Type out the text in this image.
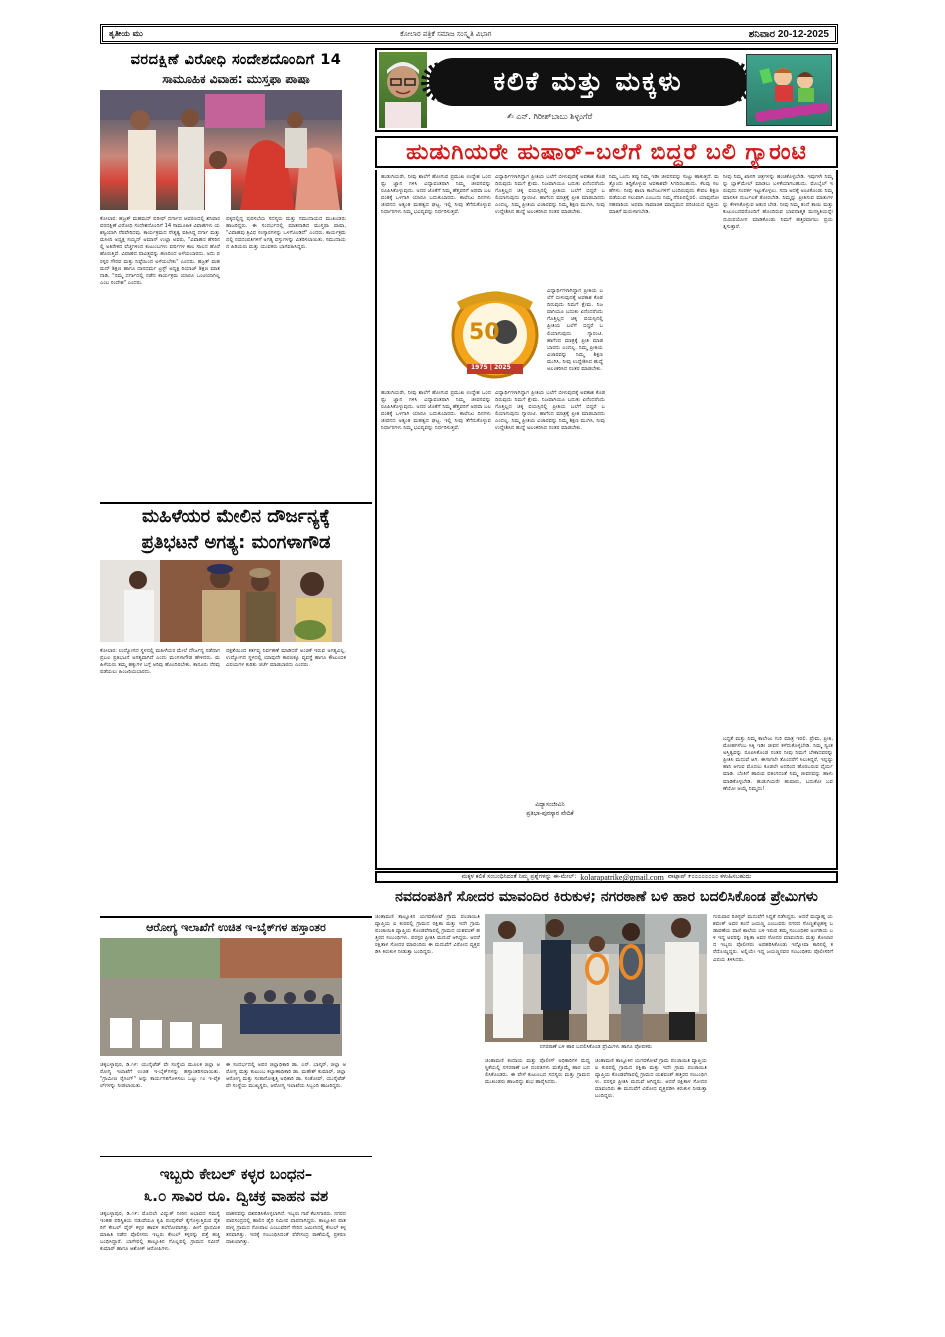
ತೃತೀಯ ಮು	ಕೋಲಾರ ಪತ್ರಿಕೆ ಸಮಾಜ ಸಂಸ್ಕೃತಿ ವಿಭಾಗ	ಶನಿವಾರ 20-12-2025
ವರದಕ್ಷಿಣೆ ವಿರೋಧಿ ಸಂದೇಶದೊಂದಿಗೆ 14
ಸಾಮೂಹಿಕ ವಿವಾಹ: ಮುಸ್ತಫಾ ಪಾಷಾ
ಕೋಲಾರ: ಹಜ್ರತ್ ಮಹಮದ್ ಷರೀಫ್ ದರ್ಗಾದ ಆವರಣದಲ್ಲಿ ಶನಿವಾರ ವರದಕ್ಷಿಣೆ ವಿರೋಧಿ ಸಂದೇಶದೊಂದಿಗೆ 14 ಸಾಮೂಹಿಕ ವಿವಾಹಗಳು ಯಶಸ್ವಿಯಾಗಿ ನೆರವೇರಿದವು. ಕಾರ್ಯಕ್ರಮದ ನೇತೃತ್ವ ವಹಿಸಿದ್ದ ದರ್ಗಾ ಮತ್ತು ಮಸೀದಿ ಅಧ್ಯಕ್ಷ ಸಯ್ಯದ್ ಅಮಾನ್ ಉಲ್ಲಾ ಅವರು, "ವಿವಾಹದ ಹೆಸರಿನಲ್ಲಿ ಅತಿರೇಕದ ವೆಚ್ಚಗಳಿಂದ ಕುಟುಂಬಗಳು ವರ್ಷಗಳ ಕಾಲ ಸಾಲದ ಹೊರೆ ಹೊರುತ್ತಿವೆ. ವಿವಾಹದ ಪಾವಿತ್ರ್ಯವನ್ನು ಹಣದಿಂದ ಅಳೆಯಬಾರದು. ಅದು ಪರಸ್ಪರ ಗೌರವ ಮತ್ತು ನಿಷ್ಠೆಯಿಂದ ಅಳೆಯಬೇಕು" ಎಂದರು. ಹಜ್ರತ್ ಮಹಮದ್ ಶಿಕ್ಷಣ ಹಾಗೂ ದಾನಧರ್ಮ ಟ್ರಸ್ಟ್ ಅಧ್ಯಕ್ಷ ರಿಯಾಜ್ ಶಿಕ್ಷಣ ಮಾತನಾಡಿ, "ನಮ್ಮ ದರ್ಗಾದಲ್ಲಿ ನಡೆದ ಕಾರ್ಯಕ್ರಮ ಯಾರೂ ಒಂಟಿಯಾಗಿಲ್ಲ ಎಂಬ ಸಂದೇಶ" ಎಂದರು.
ಪಕ್ಕದಲ್ಲಿದ್ದ ಪುರಸಭೆಯ ಸದಸ್ಯರು ಮತ್ತು ಸಮುದಾಯದ ಮುಖಂಡರು ಹಾಜರಿದ್ದರು. ಈ ಸಂದರ್ಭದಲ್ಲಿ ಮಾತನಾಡಿದ ಮುಸ್ತಫಾ ಪಾಷಾ, "ವಿವಾಹವು ತ್ರಿವಿಧ ಸಂಸ್ಕಾರಗಳನ್ನು ಒಳಗೊಂಡಿದೆ" ಎಂದರು. ಕಾರ್ಯಕ್ರಮದಲ್ಲಿ ನವದಂಪತಿಗಳಿಗೆ ಅಗತ್ಯ ವಸ್ತುಗಳನ್ನು ವಿತರಿಸಲಾಯಿತು. ಸಮುದಾಯದ ಹಿರಿಯರು ಮತ್ತು ಯುವಕರು ಭಾಗವಹಿಸಿದ್ದರು.
ಮಹಿಳೆಯರ ಮೇಲಿನ ದೌರ್ಜನ್ಯಕ್ಕೆ
ಪ್ರತಿಭಟನೆ ಅಗತ್ಯ: ಮಂಗಳಾಗೌಡ
ಕೋಲಾರ: ಉದ್ಯೋಗದ ಸ್ಥಳದಲ್ಲಿ ಮಹಿಳೆಯರ ಮೇಲೆ ದೌರ್ಜನ್ಯ ನಡೆದಾಗ ಪ್ರಬಲ ಪ್ರತಿಭಟನೆ ಅಗತ್ಯವಾಗಿದೆ ಎಂದು ಮಂಗಳಾಗೌಡ ಹೇಳಿದರು. ಮಹಿಳೆಯರು ತಮ್ಮ ಹಕ್ಕುಗಳ ಬಗ್ಗೆ ಅರಿವು ಹೊಂದಿರಬೇಕು. ಕಾನೂನು ನೆರವು ಪಡೆಯಲು ಹಿಂಜರಿಯಬಾರದು.
ದಕ್ಷತೆಯಿಂದ ಕರ್ತವ್ಯ ನಿರ್ವಹಣೆ ಮಾಡಿದರೆ ಅಂಜಿಕೆ ಇರುವ ಅಗತ್ಯವಿಲ್ಲ. ಉದ್ಯೋಗದ ಸ್ಥಳದಲ್ಲಿ ಯಾವುದೇ ಕಾರಣಕ್ಕೂ ವ್ಯವಸ್ಥೆ ಹಾಗೂ ಕೌಟುಂಬಿಕ ವಿಷಯಗಳ ಕುರಿತು ಚರ್ಚೆ ಮಾಡಬಾರದು ಎಂದರು.
ಆರೋಗ್ಯ ಇಲಾಖೆಗೆ ಉಚಿತ ಇ-ಬೈಕ್‌ಗಳ ಹಸ್ತಾಂತರ
ಚಿಕ್ಕಬಳ್ಳಾಪುರ, ಡಿ.೧೯: ಯುನೈಟೆಡ್ ವೇ ಸಂಸ್ಥೆಯ ಮೂಲಕ ಜಿಲ್ಲಾ ಆರೋಗ್ಯ ಇಲಾಖೆಗೆ ಉಚಿತ ಇ-ಬೈಕ್‌ಗಳನ್ನು ಹಸ್ತಾಂತರಿಸಲಾಯಿತು. "ಗ್ರಾಮೀಣ ರೈಸಿಂಗ್" ಅನ್ನು ಕಾರ್ಯಗತಗೊಳಿಸಲು ಒಟ್ಟು ೧೦ ಇ-ವೈಕಲ್‌ಗಳನ್ನು ನೀಡಲಾಯಿತು.
ಈ ಸಂದರ್ಭದಲ್ಲಿ ಅಪರ ಜಿಲ್ಲಾಧಿಕಾರಿ ಡಾ. ಎನ್. ಭಾಸ್ಕರ್, ಜಿಲ್ಲಾ ಆರೋಗ್ಯ ಮತ್ತು ಕುಟುಂಬ ಕಲ್ಯಾಣಾಧಿಕಾರಿ ಡಾ. ಮಹೇಶ್ ಕುಮಾರ್, ಜಿಲ್ಲಾ ಆರೋಗ್ಯ ಮತ್ತು ಸಂತಾನೋತ್ಪತ್ತಿ ಅಧಿಕಾರಿ ಡಾ. ಸಂತೋಷ್, ಯುನೈಟೆಡ್ ವೇ ಸಂಸ್ಥೆಯ ಮುಖ್ಯಸ್ಥರು, ಆರೋಗ್ಯ ಇಲಾಖೆಯ ಸಿಬ್ಬಂದಿ ಹಾಜರಿದ್ದರು.
ಇಬ್ಬರು ಕೇಬಲ್ ಕಳ್ಳರ ಬಂಧನ–
೩.೦ ಸಾವಿರ ರೂ. ದ್ವಿಚಕ್ರ ವಾಹನ ವಶ
ಚಿಕ್ಕಬಳ್ಳಾಪುರ, ಡಿ.೧೯: ಮೊದಲೇ ವಿದ್ಯುತ್ ನೀರಿನ ಅಭಾವದ ಸಮಸ್ಯೆ ಇಂತಹ ಪರಿಸ್ಥಿತಿಯ ನಡುವೆಯೂ ಕೃಷಿ ಪಂಪುಸೆಟ್ ಕೈಗೊಳ್ಳುತ್ತಿರುವ ರೈತರಿಗೆ ಕೇಬಲ್ ವೈರ್ ಕಳ್ಳರ ಹಾವಳಿ ತಲೆನೋವಾಗಿತ್ತು. ಹೀಗೆ ಪ್ರಾಥಮಿಕ ಮಾಹಿತಿ ನಡೆದ ಪೊಲೀಸರು ಇಬ್ಬರು ಕೇಬಲ್ ಕಳ್ಳರನ್ನು ಪತ್ತೆ ಹಚ್ಚಿ ಬಂಧಿಸಿದ್ದಾರೆ. ಬಾಗೇಪಲ್ಲಿ ತಾಲ್ಲೂಕಿನ ಗೊಲ್ಲಪಲ್ಲಿ ಗ್ರಾಮದ ನವೀನ್ ಕುಮಾರ್ ಹಾಗೂ ಆಶೋಕ್ ಆರೋಪಿಗಳು.
ವಾಹನವನ್ನು ವಶಪಡಿಸಿಕೊಳ್ಳಲಾಗಿದೆ. ಇಬ್ಬರು ಗಾರೆ ಕೆಲಸಗಾರರು. ನಗರದ ಪಾಪಸಂದ್ರದಲ್ಲಿ ಹಾಲಿನ ಡೈರಿ ಸಮೀಪ ಪಾಪನಾಗಿದ್ದರು. ತಾಲ್ಲೂಕಿನ ಪಾತಪಾಳ್ಯ ಗ್ರಾಮದ ಗೋಪಾಲ ಎಂಬುವರಿಗೆ ಸೇರಿದ ಜಮೀನಿನಲ್ಲಿ ಕೇಬಲ್ ಕಳ್ಳತನವಾಗಿತ್ತು. ಇದಕ್ಕೆ ಸಂಬಂಧಿಸಿದಂತೆ ಪೆರೇಸಂದ್ರ ಠಾಣೆಯಲ್ಲಿ ಪ್ರಕರಣ ದಾಖಲಾಗಿತ್ತು.
ಕಲಿಕೆ ಮತ್ತು ಮಕ್ಕಳು
✍ ಎನ್. ಗಿರೀಶ್‌ಬಾಬು ಶಿಳ್ಳಂಗೆರೆ
ಹುಡುಗಿಯರೇ ಹುಷಾರ್–ಬಲೆಗೆ ಬಿದ್ದರೆ ಬಲಿ ಗ್ಯಾರಂಟಿ
ಹುಡುಗಿಯರೇ, ನೀವು ಶಾಲೆಗೆ ಹೋಗುವ ಪ್ರಮುಖ ಉದ್ದೇಶ ಒಂದಷ್ಟು ಜ್ಞಾನ ಗಳಿಸಿ ವಿದ್ಯಾವಂತರಾಗಿ ನಿಮ್ಮ ಜೀವನವನ್ನು ರೂಪಿಸಿಕೊಳ್ಳುವುದು. ಅದರ ಜೊತೆಗೆ ನಿಮ್ಮ ಹೆತ್ತವರಿಗೆ ಅಥವಾ ಬಲವಂತಕ್ಕೆ ಒಳಗಾಗಿ ಯಾರೂ ಬದುಕುಬಾರದು. ಕಾಲೇಜು ದಿನಗಳು ಜೀವನದ ಅತ್ಯಂತ ಮಹತ್ವದ ಘಟ್ಟ. ಇಲ್ಲಿ ನೀವು ತೆಗೆದುಕೊಳ್ಳುವ ನಿರ್ಧಾರಗಳು ನಿಮ್ಮ ಭವಿಷ್ಯವನ್ನು ನಿರ್ಧರಿಸುತ್ತವೆ.
ವಿದ್ಯಾರ್ಥಿಗಳಾಗಿದ್ದಾಗ ಪ್ರೀತಿಯ ಬಲೆಗೆ ಬೀಳುವುದಕ್ಕೆ ಅವಕಾಶ ಕೊಡದಿರುವುದು ನಿಮಗೆ ಕ್ಷೇಮ. ನಿಜವಾಗಿಯೂ ಬದುಕು ಏನೆಂದರೆಂದು ಗೊತ್ತಿಲ್ಲದ ಚಿಕ್ಕ ವಯಸ್ಸಿನಲ್ಲಿ ಪ್ರೀತಿಯ ಬಲೆಗೆ ಬಿದ್ದರೆ ಬಲಿಯಾಗುವುದು ಗ್ಯಾರಂಟಿ. ಹಾಗೆಂದ ಮಾತ್ರಕ್ಕೆ ಪ್ರೀತಿ ಮಾಡಬಾರದು ಎಂದಲ್ಲ. ನಿಮ್ಮ ಪ್ರೀತಿಯ ವಿಚಾರವನ್ನು ನಿಮ್ಮ ಶಿಕ್ಷಣ ಮುಗಿಸಿ, ನೀವು ಉದ್ದೇಶಿಸಿದ ಹುದ್ದೆ ಅಲಂಕರಿಸಿದ ನಂತರ ಮಾಡಬೇಕು.
50
1975 | 2025
ಹುಡುಗಿಯರೇ, ನೀವು ಶಾಲೆಗೆ ಹೋಗುವ ಪ್ರಮುಖ ಉದ್ದೇಶ ಒಂದಷ್ಟು ಜ್ಞಾನ ಗಳಿಸಿ ವಿದ್ಯಾವಂತರಾಗಿ ನಿಮ್ಮ ಜೀವನವನ್ನು ರೂಪಿಸಿಕೊಳ್ಳುವುದು. ಅದರ ಜೊತೆಗೆ ನಿಮ್ಮ ಹೆತ್ತವರಿಗೆ ಅಥವಾ ಬಲವಂತಕ್ಕೆ ಒಳಗಾಗಿ ಯಾರೂ ಬದುಕುಬಾರದು. ಕಾಲೇಜು ದಿನಗಳು ಜೀವನದ ಅತ್ಯಂತ ಮಹತ್ವದ ಘಟ್ಟ. ಇಲ್ಲಿ ನೀವು ತೆಗೆದುಕೊಳ್ಳುವ ನಿರ್ಧಾರಗಳು ನಿಮ್ಮ ಭವಿಷ್ಯವನ್ನು ನಿರ್ಧರಿಸುತ್ತವೆ.
ವಿದ್ಯಾರ್ಥಿಗಳಾಗಿದ್ದಾಗ ಪ್ರೀತಿಯ ಬಲೆಗೆ ಬೀಳುವುದಕ್ಕೆ ಅವಕಾಶ ಕೊಡದಿರುವುದು ನಿಮಗೆ ಕ್ಷೇಮ. ನಿಜವಾಗಿಯೂ ಬದುಕು ಏನೆಂದರೆಂದು ಗೊತ್ತಿಲ್ಲದ ಚಿಕ್ಕ ವಯಸ್ಸಿನಲ್ಲಿ ಪ್ರೀತಿಯ ಬಲೆಗೆ ಬಿದ್ದರೆ ಬಲಿಯಾಗುವುದು ಗ್ಯಾರಂಟಿ. ಹಾಗೆಂದ ಮಾತ್ರಕ್ಕೆ ಪ್ರೀತಿ ಮಾಡಬಾರದು ಎಂದಲ್ಲ. ನಿಮ್ಮ ಪ್ರೀತಿಯ ವಿಚಾರವನ್ನು ನಿಮ್ಮ ಶಿಕ್ಷಣ ಮುಗಿಸಿ, ನೀವು ಉದ್ದೇಶಿಸಿದ ಹುದ್ದೆ ಅಲಂಕರಿಸಿದ ನಂತರ ಮಾಡಬೇಕು.
ವಿದ್ಯಾರ್ಥಿಗಳಾಗಿದ್ದಾಗ ಪ್ರೀತಿಯ ಬಲೆಗೆ ಬೀಳುವುದಕ್ಕೆ ಅವಕಾಶ ಕೊಡದಿರುವುದು ನಿಮಗೆ ಕ್ಷೇಮ. ನಿಜವಾಗಿಯೂ ಬದುಕು ಏನೆಂದರೆಂದು ಗೊತ್ತಿಲ್ಲದ ಚಿಕ್ಕ ವಯಸ್ಸಿನಲ್ಲಿ ಪ್ರೀತಿಯ ಬಲೆಗೆ ಬಿದ್ದರೆ ಬಲಿಯಾಗುವುದು ಗ್ಯಾರಂಟಿ. ಹಾಗೆಂದ ಮಾತ್ರಕ್ಕೆ ಪ್ರೀತಿ ಮಾಡಬಾರದು ಎಂದಲ್ಲ. ನಿಮ್ಮ ಪ್ರೀತಿಯ ವಿಚಾರವನ್ನು ನಿಮ್ಮ ಶಿಕ್ಷಣ ಮುಗಿಸಿ, ನೀವು ಉದ್ದೇಶಿಸಿದ ಹುದ್ದೆ ಅಲಂಕರಿಸಿದ ನಂತರ ಮಾಡಬೇಕು.
ವಿದ್ಯಾಸಂಜೀವಿನಿ
ಪ್ರತಿಭಾ-ಪುರಸ್ಕಾರ ವೇದಿಕೆ
ನಿಮ್ಮ ಒಂದು ತಪ್ಪು ನಿಮ್ಮ ಇಡೀ ಜೀವನವನ್ನು ಸುಟ್ಟು ಹಾಕುತ್ತದೆ. ಮತ್ತೊಂದು ತಿದ್ದಿಕೊಳ್ಳುವ ಅವಕಾಶವೇ ಸಿಗದಿರಬಹುದು. ಕೆಲವು ಸಲಹೆಗಳು: ನೀವು ಶಾಲಾ ಕಾಲೇಜುಗಳಿಗೆ ಬಂದಿರುವುದು ಕೇವಲ ಶಿಕ್ಷಣ ಪಡೆಯುವ ಸಲುವಾಗಿ ಎಂಬುದು ನಿಮ್ಮ ನೆನಪಿನಲ್ಲಿರಲಿ. ಯಾವುದೋ ಸಹಪಾಠಿಯ ಅಥವಾ ಸಾಮಾಜಿಕ ಮಾಧ್ಯಮದ ಪರಿಚಯದ ವ್ಯಕ್ತಿಯ ಮಾತಿಗೆ ಮರುಳಾಗಬೇಡಿ.
ನೀವು ನಿಮ್ಮ ಖಾಸಗಿ ಚಿತ್ರಗಳನ್ನು ಹಂಚಿಕೊಳ್ಳಬೇಡಿ. ಇವುಗಳೇ ನಿಮ್ಮನ್ನು ಬ್ಲಾಕ್‌ಮೇಲ್ ಮಾಡಲು ಬಳಕೆಯಾಗಬಹುದು. ಮೊಬೈಲ್ ಇರುವುದು ಸಂಪರ್ಕ ಇಟ್ಟುಕೊಳ್ಳಲು. ಸದಾ ಅದಕ್ಕೆ ಅಂಟಿಕೊಂಡು ನಿಮ್ಮ ಮಾನಸಿಕ ದುರ್ಬಲತೆ ತೋರಬೇಡಿ. ನಿಮ್ಮನ್ನು ಪ್ರೀತಿಸುವ ಮಾತುಗಳನ್ನು ಕೇಳಿಸಿಕೊಳ್ಳುವ ಆತುರ ಬೇಡ. ನೀವು ನಿಮ್ಮ ತಂದೆ ತಾಯಿ ಮತ್ತು ಕುಟುಂಬದವರೊಂದಿಗೆ ಹೊಂದಿರುವ ಭಾವನಾತ್ಮಕ ಮನಸ್ಥಿತಿಯನ್ನೇ ದುರುಪಯೋಗ ಮಾಡಿಕೊಂಡು ನಿಮಗೆ ಹತ್ತಿರವಾಗಲು ಪ್ರಯತ್ನಿಸುತ್ತಾರೆ.
ಬದ್ಧತೆ ಮತ್ತು ನಿಮ್ಮ ಕಾಲೇಜು ಗುರಿ ಮಾತ್ರ ಇರಲಿ. ಪ್ರೇಮ, ಪ್ರೀತಿ, ಮೋಹಗಳೆಂಬ ಸಿಕ್ಕಿ ಇಡೀ ಜೀವನ ಕಳೆದುಕೊಳ್ಳಬೇಡಿ. ನಿಮ್ಮ ಸ್ವಂತ ಅಸ್ತಿತ್ವವನ್ನು ರೂಪಿಸಿಕೊಂಡ ನಂತರ ನೀವು ನಿಮಗೆ ಬೇಕಾದವರನ್ನು ಪ್ರೀತಿಸಿ ಮದುವೆ ಆಗಿ. ಈಗಾಗಲೇ ತೊಂದರೆಗೆ ಸಿಲುಕಿದ್ದರೆ, ಇನ್ನಷ್ಟು ಹಾನಿ ಆಗುವ ಮೊದಲು ಕೂಡಲೇ ಅದರಿಂದ ಹೊರಬರುವ ಧೈರ್ಯ ಮಾಡಿ. ಬೆಂಕಿಗೆ ಹಾರುವ ಪತಂಗದಂತೆ ನಿಮ್ಮ ಜೀವನವನ್ನು ಹಾಳು ಮಾಡಿಕೊಳ್ಳಬೇಡಿ. ಹುಡುಗಿಯರೇ ಹುಷಾರು, ಬದುಕೋ ಬವಣೆಯೋ ಆಯ್ಕೆ ನಿಮ್ಮದು!
ಮಕ್ಕಳ ಕಲಿಕೆ ಸಂಬಂಧಿಸಿದಂತೆ ನಿಮ್ಮ ಪ್ರಶ್ನೆಗಳನ್ನು ಈ-ಮೇಲ್: kolarapatrike@gmail.com ವಾಟ್ಸಾಪ್ ೯೦೦೦೦೦೦೦೦ ಕಳುಹಿಸಬಹುದು
ನವದಂಪತಿಗೆ ಸೋದರ ಮಾವಂದಿರ ಕಿರುಕುಳ; ನಗರಠಾಣೆ ಬಳಿ ಹಾರ ಬದಲಿಸಿಕೊಂಡ ಪ್ರೇಮಿಗಳು
ಚಿಂತಾಮಣಿ ತಾಲ್ಲೂಕಿನ ಯಗವಕೋಟೆ ಗ್ರಾಮ ಪಂಚಾಯಿತಿ ವ್ಯಾಪ್ತಿಯ ಐ ಕುರಪಲ್ಲಿ ಗ್ರಾಮದ ರಕ್ಷಿತಾ ಮತ್ತು ಇದೇ ಗ್ರಾಮ ಪಂಚಾಯಿತಿ ವ್ಯಾಪ್ತಿಯ ಕೊಂಡವೆಸಾಪಲ್ಲಿ ಗ್ರಾಮದ ಯಶವಂತ್ ಹತ್ತಿರದ ಸಂಬಂಧಿಗಳು. ಪರಸ್ಪರ ಪ್ರೀತಿಸಿ ಮದುವೆ ಆಗಿದ್ದರು. ಆದರೆ ರಕ್ಷಿತಾಳ ಸೋದರ ಮಾವಂದಿರು ಈ ಮದುವೆಗೆ ವಿರೋಧ ವ್ಯಕ್ತಪಡಿಸಿ ಕಿರುಕುಳ ನೀಡುತ್ತಾ ಬಂದಿದ್ದರು.
ನಗರಠಾಣೆ ಬಳಿ ಹಾರ ಬದಲಿಸಿಕೊಂಡ ಪ್ರೇಮಿಗಳು ಹಾಗೂ ಪೋಷಕರು
ಚಿಂತಾಮಣಿ ಕಂದಾಯ ಮತ್ತು ಪೊಲೀಸ್ ಅಧಿಕಾರಿಗಳ ಮಧ್ಯಸ್ಥಿಕೆಯಲ್ಲಿ ನಗರಠಾಣೆ ಬಳಿ ದಂಪತಿಗಳು ಮತ್ತೊಮ್ಮೆ ಹಾರ ಬದಲಿಸಿಕೊಂಡರು. ಈ ವೇಳೆ ಕುಟುಂಬದ ಸದಸ್ಯರು ಮತ್ತು ಗ್ರಾಮದ ಮುಖಂಡರು ಹಾಜರಿದ್ದು ಶುಭ ಹಾರೈಸಿದರು.
ಚಿಂತಾಮಣಿ ತಾಲ್ಲೂಕಿನ ಯಗವಕೋಟೆ ಗ್ರಾಮ ಪಂಚಾಯಿತಿ ವ್ಯಾಪ್ತಿಯ ಐ ಕುರಪಲ್ಲಿ ಗ್ರಾಮದ ರಕ್ಷಿತಾ ಮತ್ತು ಇದೇ ಗ್ರಾಮ ಪಂಚಾಯಿತಿ ವ್ಯಾಪ್ತಿಯ ಕೊಂಡವೆಸಾಪಲ್ಲಿ ಗ್ರಾಮದ ಯಶವಂತ್ ಹತ್ತಿರದ ಸಂಬಂಧಿಗಳು. ಪರಸ್ಪರ ಪ್ರೀತಿಸಿ ಮದುವೆ ಆಗಿದ್ದರು. ಆದರೆ ರಕ್ಷಿತಾಳ ಸೋದರ ಮಾವಂದಿರು ಈ ಮದುವೆಗೆ ವಿರೋಧ ವ್ಯಕ್ತಪಡಿಸಿ ಕಿರುಕುಳ ನೀಡುತ್ತಾ ಬಂದಿದ್ದರು.
ಗುರುವಾರ ರಿಜಿಸ್ಟರ್ ಮದುವೆಗೆ ಸಿದ್ಧತೆ ನಡೆಸಿದ್ದರು. ಆದರೆ ಮಧ್ಯಾಹ್ನ ಯಶವಂತ್ ಅವರ ತಂದೆ ಜಯಣ್ಣ ಎಂಬುವರು ನಗರದ ಸೊಣ್ಣಶೆಟ್ಟಿಹಳ್ಳಿ ಬಡಾವಣೆಯ ವಾಣಿ ಶಾಲೆಯ ಬಳಿ ಇರುವ ತಮ್ಮ ಸಂಬಂಧಿಕರ ಅಂಗಡಿಯ ಬಳಿ ಇದ್ದ ಅವರನ್ನು ರಕ್ಷಿತಾ ಅವರ ಸೋದರ ಮಾವಂದಿರು ಮತ್ತು ಕೋಲಾರದ ಇಬ್ಬರು ಪೊಲೀಸರು ಅಪಹರಿಸಿಕೊಂಡು ಇನ್ನೋವಾ ಕಾರಿನಲ್ಲಿ ಕರೆದೊಯ್ದಿದ್ದರು. ಅಲ್ಲಿಯೇ ಇದ್ದ ಜಯಣ್ಣನವರ ಸಂಬಂಧಿಕರು ಪೊಲೀಸರಿಗೆ ವಿಷಯ ತಿಳಿಸಿದರು.
